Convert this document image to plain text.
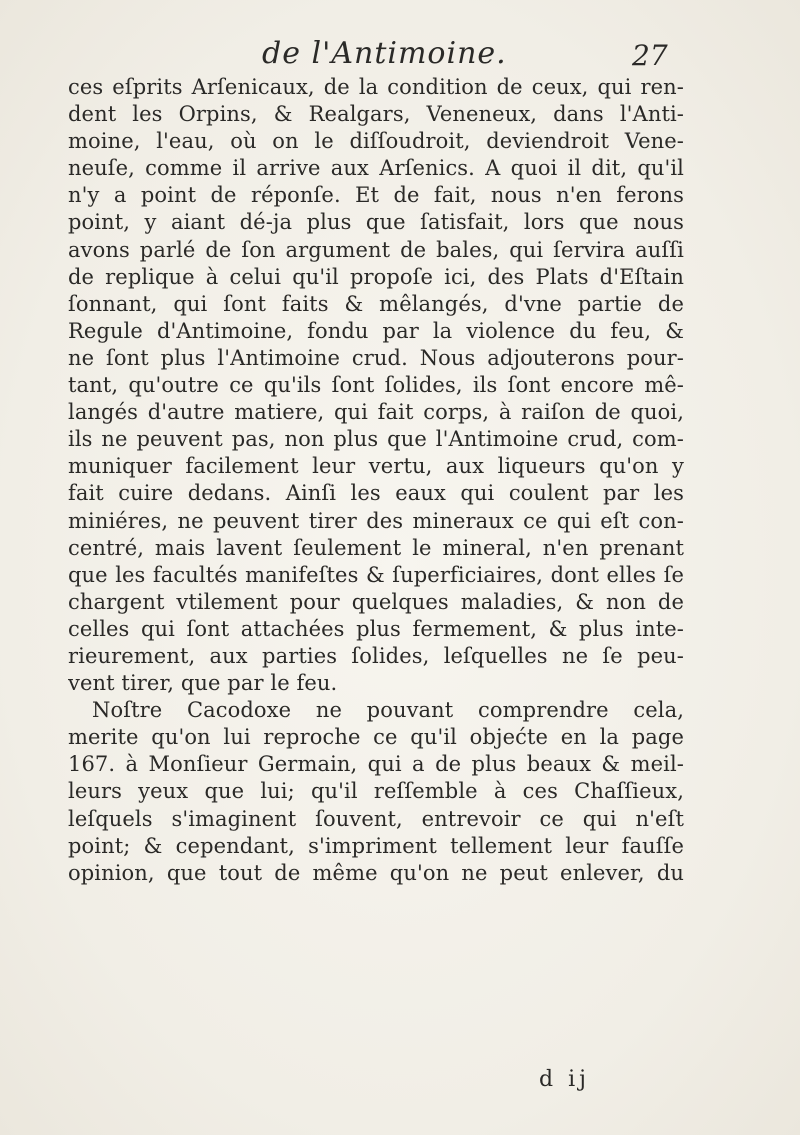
de l'Antimoine.	27
ces eſprits Arſenicaux, de la condition de ceux, qui ren-
dent les Orpins, & Realgars, Veneneux, dans l'Anti-
moine, l'eau, où on le diſſoudroit, deviendroit Vene-
neuſe, comme il arrive aux Arſenics. A quoi il dit, qu'il
n'y a point de réponſe. Et de fait, nous n'en ferons
point, y aiant dé-ja plus que ſatisfait, lors que nous
avons parlé de ſon argument de bales, qui ſervira auſſi
de replique à celui qu'il propoſe ici, des Plats d'Eſtain
ſonnant, qui ſont faits & mêlangés, d'vne partie de
Regule d'Antimoine, fondu par la violence du feu, &
ne ſont plus l'Antimoine crud. Nous adjouterons pour-
tant, qu'outre ce qu'ils ſont ſolides, ils ſont encore mê-
langés d'autre matiere, qui fait corps, à raiſon de quoi,
ils ne peuvent pas, non plus que l'Antimoine crud, com-
muniquer facilement leur vertu, aux liqueurs qu'on y
fait cuire dedans. Ainſi les eaux qui coulent par les
miniéres, ne peuvent tirer des mineraux ce qui eſt con-
centré, mais lavent ſeulement le mineral, n'en prenant
que les facultés manifeſtes & ſuperficiaires, dont elles ſe
chargent vtilement pour quelques maladies, & non de
celles qui ſont attachées plus fermement, & plus inte-
rieurement, aux parties ſolides, leſquelles ne ſe peu-
vent tirer, que par le feu.
Noſtre Cacodoxe ne pouvant comprendre cela,
merite qu'on lui reproche ce qu'il objećte en la page
167. à Monſieur Germain, qui a de plus beaux & meil-
leurs yeux que lui; qu'il reſſemble à ces Chaſſieux,
leſquels s'imaginent ſouvent, entrevoir ce qui n'eſt
point; & cependant, s'impriment tellement leur fauſſe
opinion, que tout de même qu'on ne peut enlever, du
d ij
